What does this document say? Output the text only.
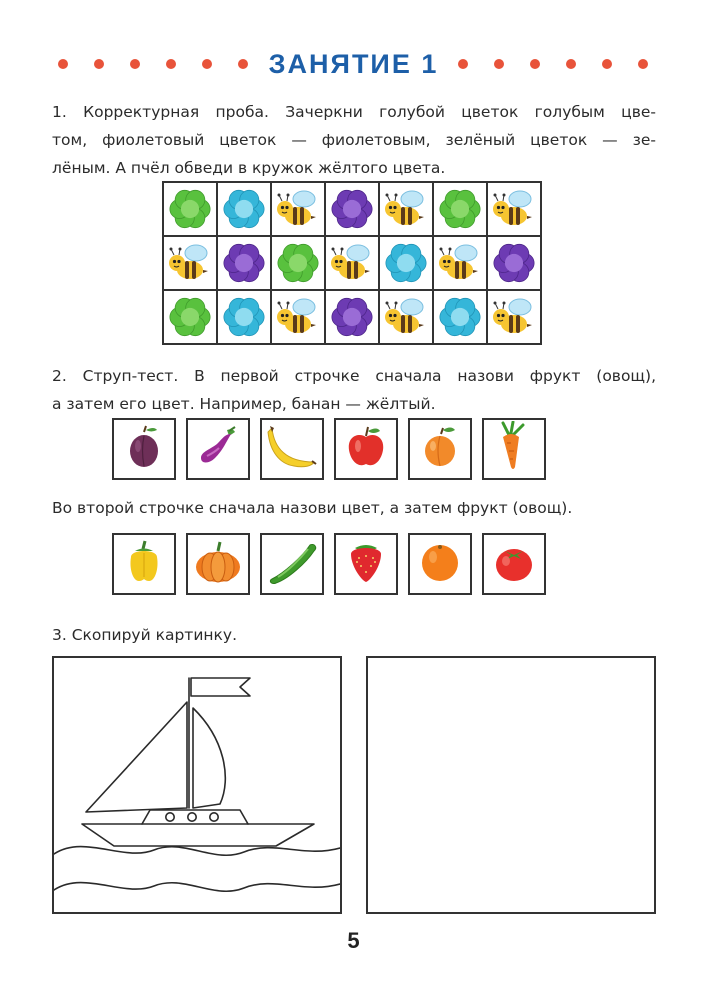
ЗАНЯТИЕ 1
1. Корректурная проба. Зачеркни голубой цветок голубым цве-
том, фиолетовый цветок — фиолетовым, зелёный цветок — зе-
лёным. А пчёл обведи в кружок жёлтого цвета.

2. Струп-тест. В первой строчке сначала назови фрукт (овощ),
а затем его цвет. Например, банан — жёлтый.
Во второй строчке сначала назови цвет, а затем фрукт (овощ).
3. Скопируй картинку.
5
